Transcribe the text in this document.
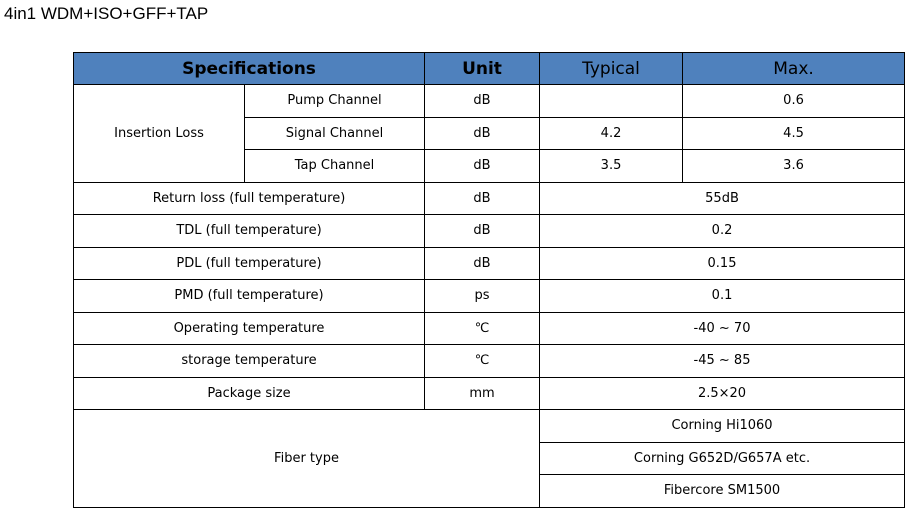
4in1 WDM+ISO+GFF+TAP
Specifications		Unit	Typical	Max.
Insertion Loss	Pump Channel	dB		0.6
	Signal Channel	dB	4.2	4.5
	Tap Channel	dB	3.5	3.6
Return loss (full temperature)		dB	55dB	
TDL (full temperature)		dB	0.2	
PDL (full temperature)		dB	0.15	
PMD (full temperature)		ps	0.1	
Operating temperature		℃	-40 ~ 70	
storage temperature		℃	-45 ~ 85	
Package size		mm	2.5×20	
Fiber type			Corning Hi1060	
			Corning G652D/G657A etc.	
			Fibercore SM1500	
